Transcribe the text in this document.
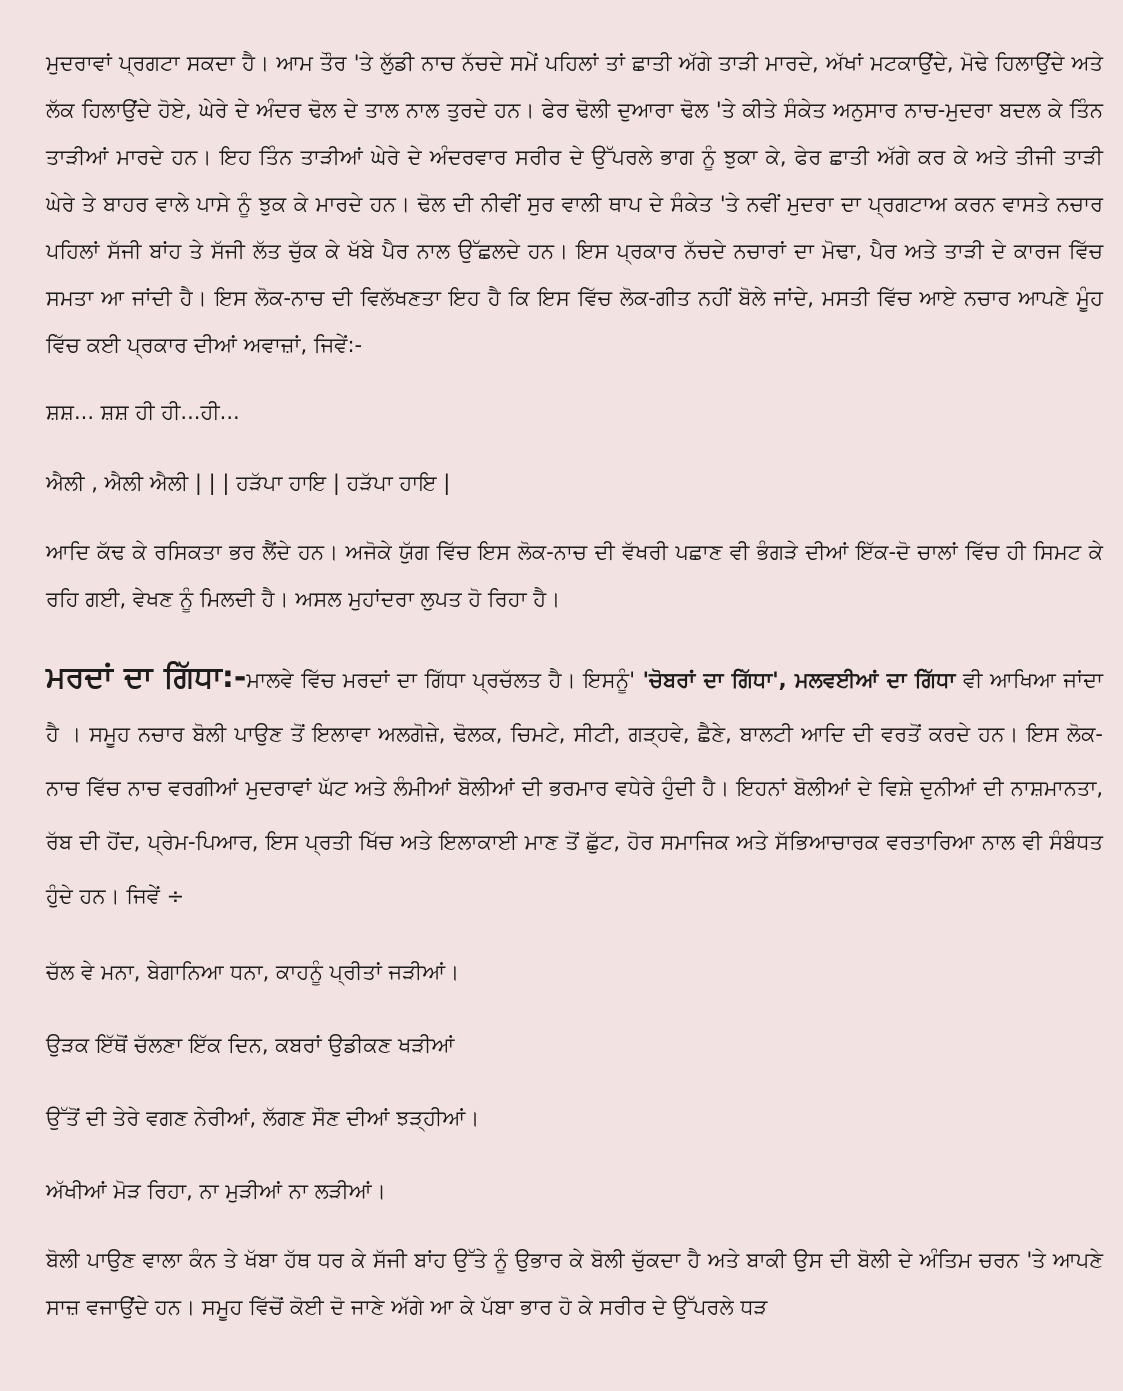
ਮੁਦਰਾਵਾਂ ਪ੍ਰਗਟਾ ਸਕਦਾ ਹੈ। ਆਮ ਤੌਰ 'ਤੇ ਲੁੱਡੀ ਨਾਚ ਨੱਚਦੇ ਸਮੇਂ ਪਹਿਲਾਂ ਤਾਂ ਛਾਤੀ ਅੱਗੇ ਤਾੜੀ ਮਾਰਦੇ, ਅੱਖਾਂ ਮਟਕਾਉਂਦੇ, ਮੋਢੇ ਹਿਲਾਉਂਦੇ ਅਤੇ ਲੱਕ ਹਿਲਾਉਂਦੇ ਹੋਏ, ਘੇਰੇ ਦੇ ਅੰਦਰ ਢੋਲ ਦੇ ਤਾਲ ਨਾਲ ਤੁਰਦੇ ਹਨ। ਫੇਰ ਢੋਲੀ ਦੁਆਰਾ ਢੋਲ 'ਤੇ ਕੀਤੇ ਸੰਕੇਤ ਅਨੁਸਾਰ ਨਾਚ-ਮੁਦਰਾ ਬਦਲ ਕੇ ਤਿੰਨ ਤਾੜੀਆਂ ਮਾਰਦੇ ਹਨ। ਇਹ ਤਿੰਨ ਤਾੜੀਆਂ ਘੇਰੇ ਦੇ ਅੰਦਰਵਾਰ ਸਰੀਰ ਦੇ ਉੱਪਰਲੇ ਭਾਗ ਨੂੰ ਝੁਕਾ ਕੇ, ਫੇਰ ਛਾਤੀ ਅੱਗੇ ਕਰ ਕੇ ਅਤੇ ਤੀਜੀ ਤਾੜੀ ਘੇਰੇ ਤੇ ਬਾਹਰ ਵਾਲੇ ਪਾਸੇ ਨੂੰ ਝੁਕ ਕੇ ਮਾਰਦੇ ਹਨ। ਢੋਲ ਦੀ ਨੀਵੀਂ ਸੁਰ ਵਾਲੀ ਥਾਪ ਦੇ ਸੰਕੇਤ 'ਤੇ ਨਵੀਂ ਮੁਦਰਾ ਦਾ ਪ੍ਰਗਟਾਅ ਕਰਨ ਵਾਸਤੇ ਨਚਾਰ ਪਹਿਲਾਂ ਸੱਜੀ ਬਾਂਹ ਤੇ ਸੱਜੀ ਲੱਤ ਚੁੱਕ ਕੇ ਖੱਬੇ ਪੈਰ ਨਾਲ ਉੱਛਲਦੇ ਹਨ। ਇਸ ਪ੍ਰਕਾਰ ਨੱਚਦੇ ਨਚਾਰਾਂ ਦਾ ਮੋਢਾ, ਪੈਰ ਅਤੇ ਤਾੜੀ ਦੇ ਕਾਰਜ ਵਿੱਚ ਸਮਤਾ ਆ ਜਾਂਦੀ ਹੈ। ਇਸ ਲੋਕ-ਨਾਚ ਦੀ ਵਿਲੱਖਣਤਾ ਇਹ ਹੈ ਕਿ ਇਸ ਵਿੱਚ ਲੋਕ-ਗੀਤ ਨਹੀਂ ਬੋਲੇ ਜਾਂਦੇ, ਮਸਤੀ ਵਿੱਚ ਆਏ ਨਚਾਰ ਆਪਣੇ ਮੂੰਹ ਵਿੱਚ ਕਈ ਪ੍ਰਕਾਰ ਦੀਆਂ ਅਵਾਜ਼ਾਂ, ਜਿਵੇਂ:-

ਸ਼ਸ਼... ਸ਼ਸ਼ ਹੀ ਹੀ...ਹੀ...

ਐਲੀ , ਐਲੀ ਐਲੀ | | | ਹੜੱਪਾ ਹਾਇ | ਹੜੱਪਾ ਹਾਇ |

ਆਦਿ ਕੱਢ ਕੇ ਰਸਿਕਤਾ ਭਰ ਲੈਂਦੇ ਹਨ। ਅਜੋਕੇ ਯੁੱਗ ਵਿੱਚ ਇਸ ਲੋਕ-ਨਾਚ ਦੀ ਵੱਖਰੀ ਪਛਾਣ ਵੀ ਭੰਗੜੇ ਦੀਆਂ ਇੱਕ-ਦੋ ਚਾਲਾਂ ਵਿੱਚ ਹੀ ਸਿਮਟ ਕੇ ਰਹਿ ਗਈ, ਵੇਖਣ ਨੂੰ ਮਿਲਦੀ ਹੈ। ਅਸਲ ਮੁਹਾਂਦਰਾ ਲੁਪਤ ਹੋ ਰਿਹਾ ਹੈ।

ਮਰਦਾਂ ਦਾ ਗਿੱਧਾ:-ਮਾਲਵੇ ਵਿੱਚ ਮਰਦਾਂ ਦਾ ਗਿੱਧਾ ਪ੍ਰਚੱਲਤ ਹੈ। ਇਸਨੂੰ' 'ਚੋਬਰਾਂ ਦਾ ਗਿੱਧਾ', ਮਲਵਈਆਂ ਦਾ ਗਿੱਧਾ ਵੀ ਆਖਿਆ ਜਾਂਦਾ ਹੈ । ਸਮੂਹ ਨਚਾਰ ਬੋਲੀ ਪਾਉਣ ਤੋਂ ਇਲਾਵਾ ਅਲਗੋਜ਼ੇ, ਢੋਲਕ, ਚਿਮਟੇ, ਸੀਟੀ, ਗੜ੍ਹਵੇ, ਛੈਣੇ, ਬਾਲਟੀ ਆਦਿ ਦੀ ਵਰਤੋਂ ਕਰਦੇ ਹਨ। ਇਸ ਲੋਕ-ਨਾਚ ਵਿੱਚ ਨਾਚ ਵਰਗੀਆਂ ਮੁਦਰਾਵਾਂ ਘੱਟ ਅਤੇ ਲੰਮੀਆਂ ਬੋਲੀਆਂ ਦੀ ਭਰਮਾਰ ਵਧੇਰੇ ਹੁੰਦੀ ਹੈ। ਇਹਨਾਂ ਬੋਲੀਆਂ ਦੇ ਵਿਸ਼ੇ ਦੁਨੀਆਂ ਦੀ ਨਾਸ਼ਮਾਨਤਾ, ਰੱਬ ਦੀ ਹੋਂਦ, ਪ੍ਰੇਮ-ਪਿਆਰ, ਇਸ ਪ੍ਰਤੀ ਖਿੱਚ ਅਤੇ ਇਲਾਕਾਈ ਮਾਣ ਤੋਂ ਛੁੱਟ, ਹੋਰ ਸਮਾਜਿਕ ਅਤੇ ਸੱਭਿਆਚਾਰਕ ਵਰਤਾਰਿਆ ਨਾਲ ਵੀ ਸੰਬੰਧਤ ਹੁੰਦੇ ਹਨ। ਜਿਵੇਂ ÷

ਚੱਲ ਵੇ ਮਨਾ, ਬੇਗਾਨਿਆ ਧਨਾ, ਕਾਹਨੂੰ ਪ੍ਰੀਤਾਂ ਜੜੀਆਂ।

ਉੜਕ ਇੱਥੋਂ ਚੱਲਣਾ ਇੱਕ ਦਿਨ, ਕਬਰਾਂ ਉਡੀਕਣ ਖੜੀਆਂ

ਉੱਤੋਂ ਦੀ ਤੇਰੇ ਵਗਣ ਨੇਰੀਆਂ, ਲੱਗਣ ਸੌਣ ਦੀਆਂ ਝੜ੍ਹੀਆਂ।

ਅੱਖੀਆਂ ਮੋੜ ਰਿਹਾ, ਨਾ ਮੁੜੀਆਂ ਨਾ ਲੜੀਆਂ।

ਬੋਲੀ ਪਾਉਣ ਵਾਲਾ ਕੰਨ ਤੇ ਖੱਬਾ ਹੱਥ ਧਰ ਕੇ ਸੱਜੀ ਬਾਂਹ ਉੱਤੇ ਨੂੰ ਉਭਾਰ ਕੇ ਬੋਲੀ ਚੁੱਕਦਾ ਹੈ ਅਤੇ ਬਾਕੀ ਉਸ ਦੀ ਬੋਲੀ ਦੇ ਅੰਤਿਮ ਚਰਨ 'ਤੇ ਆਪਣੇ ਸਾਜ਼ ਵਜਾਉਂਦੇ ਹਨ। ਸਮੂਹ ਵਿੱਚੋਂ ਕੋਈ ਦੋ ਜਾਣੇ ਅੱਗੇ ਆ ਕੇ ਪੱਬਾ ਭਾਰ ਹੋ ਕੇ ਸਰੀਰ ਦੇ ਉੱਪਰਲੇ ਧੜ
